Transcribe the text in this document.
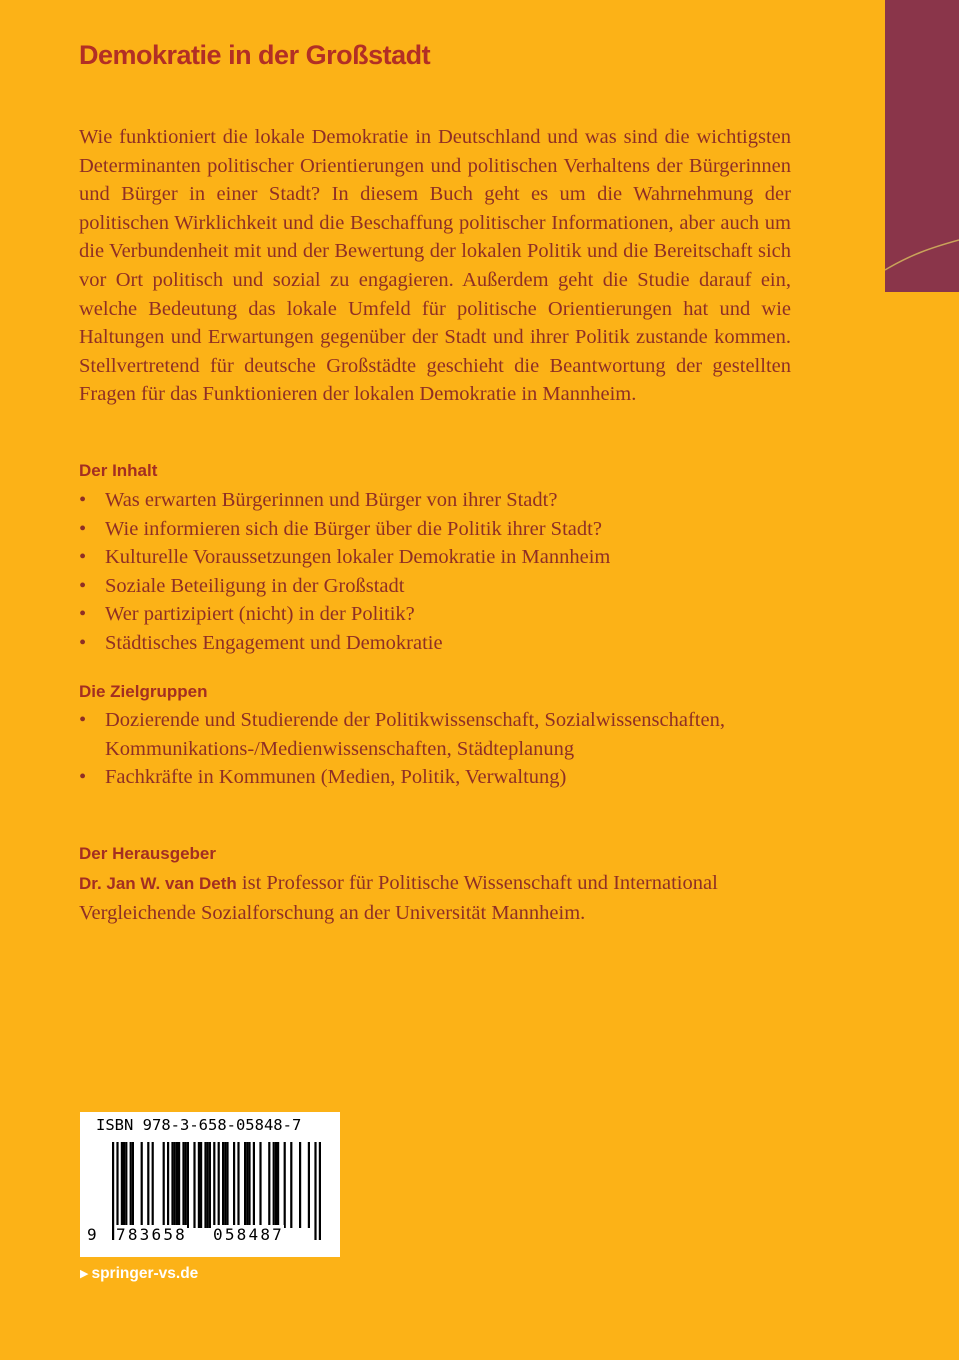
Demokratie in der Großstadt

Wie funktioniert die lokale Demokratie in Deutschland und was sind die wichtigsten Determinanten politischer Orientierungen und politischen Verhaltens der Bürgerinnen und Bürger in einer Stadt? In diesem Buch geht es um die Wahrnehmung der politischen Wirklichkeit und die Beschaffung politischer Informationen, aber auch um die Verbundenheit mit und der Bewertung der lokalen Politik und die Bereitschaft sich vor Ort politisch und sozial zu engagieren. Außerdem geht die Studie darauf ein, welche Bedeutung das lokale Umfeld für politische Orientierungen hat und wie Haltungen und Erwartungen gegenüber der Stadt und ihrer Politik zustande kommen. Stellvertretend für deutsche Großstädte geschieht die Beantwortung der gestellten Fragen für das Funktionieren der lokalen Demokratie in Mannheim.

Der Inhalt
• Was erwarten Bürgerinnen und Bürger von ihrer Stadt?
• Wie informieren sich die Bürger über die Politik ihrer Stadt?
• Kulturelle Voraussetzungen lokaler Demokratie in Mannheim
• Soziale Beteiligung in der Großstadt
• Wer partizipiert (nicht) in der Politik?
• Städtisches Engagement und Demokratie
Die Zielgruppen
• Dozierende und Studierende der Politikwissenschaft, Sozialwissenschaften, Kommunikations-/Medienwissenschaften, Städteplanung
• Fachkräfte in Kommunen (Medien, Politik, Verwaltung)
Der Herausgeber

Dr. Jan W. van Deth ist Professor für Politische Wissenschaft und International Vergleichende Sozialforschung an der Universität Mannheim.

ISBN 978-3-658-05848-7
9 783658 058487
▶ springer-vs.de
